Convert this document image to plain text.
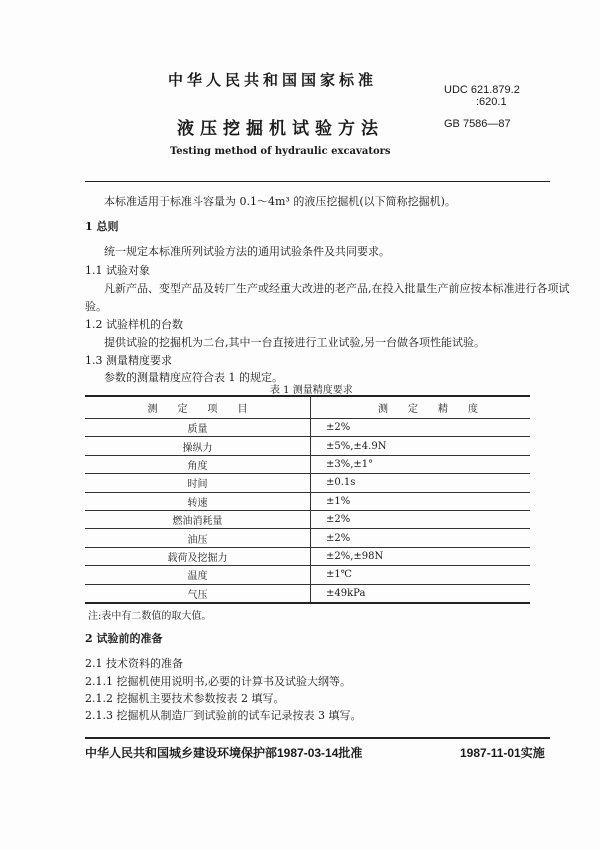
中华人民共和国国家标准
液压挖掘机试验方法
Testing method of hydraulic excavators
UDC 621.879.2
:620.1
GB 7586—87
本标准适用于标准斗容量为 0.1～4m³ 的液压挖掘机(以下简称挖掘机)。
1 总则
统一规定本标准所列试验方法的通用试验条件及共同要求。
1.1 试验对象
凡新产品、变型产品及转厂生产或经重大改进的老产品,在投入批量生产前应按本标准进行各项试
验。
1.2 试验样机的台数
提供试验的挖掘机为二台,其中一台直接进行工业试验,另一台做各项性能试验。
1.3 测量精度要求
参数的测量精度应符合表 1 的规定。
表 1 测量精度要求
测　　定　　项　　目	测　　定　　精　　度
质量	±2%
操纵力	±5%,±4.9N
角度	±3%,±1°
时间	±0.1s
转速	±1%
燃油消耗量	±2%
油压	±2%
载荷及挖掘力	±2%,±98N
温度	±1℃
气压	±49kPa
注:表中有二数值的取大值。
2 试验前的准备
2.1 技术资料的准备
2.1.1 挖掘机使用说明书,必要的计算书及试验大纲等。
2.1.2 挖掘机主要技术参数按表 2 填写。
2.1.3 挖掘机从制造厂到试验前的试车记录按表 3 填写。
中华人民共和国城乡建设环境保护部1987-03-14批准	1987-11-01实施
